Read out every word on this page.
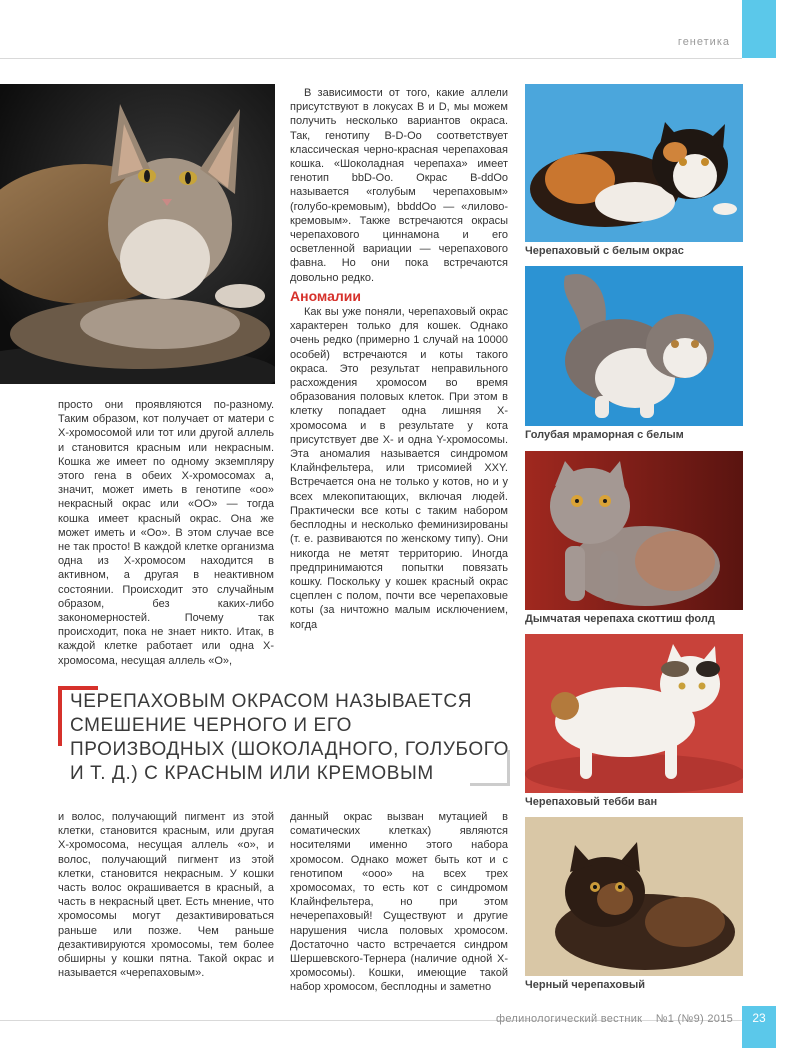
генетика

просто они проявляются по-разному. Таким образом, кот получает от матери с Х-хромосомой или тот или другой аллель и становится красным или некрасным. Кошка же имеет по одному экземпляру этого гена в обеих Х-хромосомах а, значит, может иметь в генотипе «оо» некрасный окрас или «ОО» — тогда кошка имеет красный окрас. Она же может иметь и «Оо». В этом случае все не так просто! В каждой клетке организма одна из Х-хромосом находится в активном, а другая в неактивном состоянии. Происходит это случайным образом, без каких-либо закономерностей. Почему так происходит, пока не знает никто. Итак, в каждой клетке работает или одна Х-хромосома, несущая аллель «О»,

В зависимости от того, какие аллели присутствуют в локусах В и D, мы можем получить несколько вариантов окраса. Так, генотипу B-D-Oo соответствует классическая черно-красная черепаховая кошка. «Шоколадная черепаха» имеет генотип bbD-Oo. Окрас B-ddOo называется «голубым черепаховым» (голубо-кремовым), bbddOo — «лилово-кремовым». Также встречаются окрасы черепахового циннамона и его осветленной вариации — черепахового фавна. Но они пока встречаются довольно редко.

Аномалии

Как вы уже поняли, черепаховый окрас характерен только для кошек. Однако очень редко (примерно 1 случай на 10000 особей) встречаются и коты такого окраса. Это результат неправильного расхождения хромосом во время образования половых клеток. При этом в клетку попадает одна лишняя Х-хромосома и в результате у кота присутствует две Х- и одна Y-хромосомы. Эта аномалия называется синдромом Клайнфельтера, или трисомией XXY. Встречается она не только у котов, но и у всех млекопитающих, включая людей. Практически все коты с таким набором бесплодны и несколько феминизированы (т. е. развиваются по женскому типу). Они никогда не метят территорию. Иногда предпринимаются попытки повязать кошку. Поскольку у кошек красный окрас сцеплен с полом, почти все черепаховые коты (за ничтожно малым исключением, когда

ЧЕРЕПАХОВЫМ ОКРАСОМ НАЗЫВАЕТСЯ СМЕШЕНИЕ ЧЕРНОГО И ЕГО ПРОИЗВОДНЫХ (ШОКОЛАДНОГО, ГОЛУБОГО И Т. Д.) С КРАСНЫМ ИЛИ КРЕМОВЫМ

и волос, получающий пигмент из этой клетки, становится красным, или другая Х-хромосома, несущая аллель «о», и волос, получающий пигмент из этой клетки, становится некрасным. У кошки часть волос окрашивается в красный, а часть в некрасный цвет. Есть мнение, что хромосомы могут дезактивироваться раньше или позже. Чем раньше дезактивируются хромосомы, тем более обширны у кошки пятна. Такой окрас и называется «черепаховым».

данный окрас вызван мутацией в соматических клетках) являются носителями именно этого набора хромосом. Однако может быть кот и с генотипом «ооо» на всех трех хромосомах, то есть кот с синдромом Клайнфельтера, но при этом нечерепаховый! Существуют и другие нарушения числа половых хромосом. Достаточно часто встречается синдром Шершевского-Тернера (наличие одной Х-хромосомы). Кошки, имеющие такой набор хромосом, бесплодны и заметно

Черепаховый с белым окрас
Голубая мраморная с белым
Дымчатая черепаха скоттиш фолд
Черепаховый тебби ван
Черный черепаховый
фелинологический вестник №1 (№9) 2015	23
